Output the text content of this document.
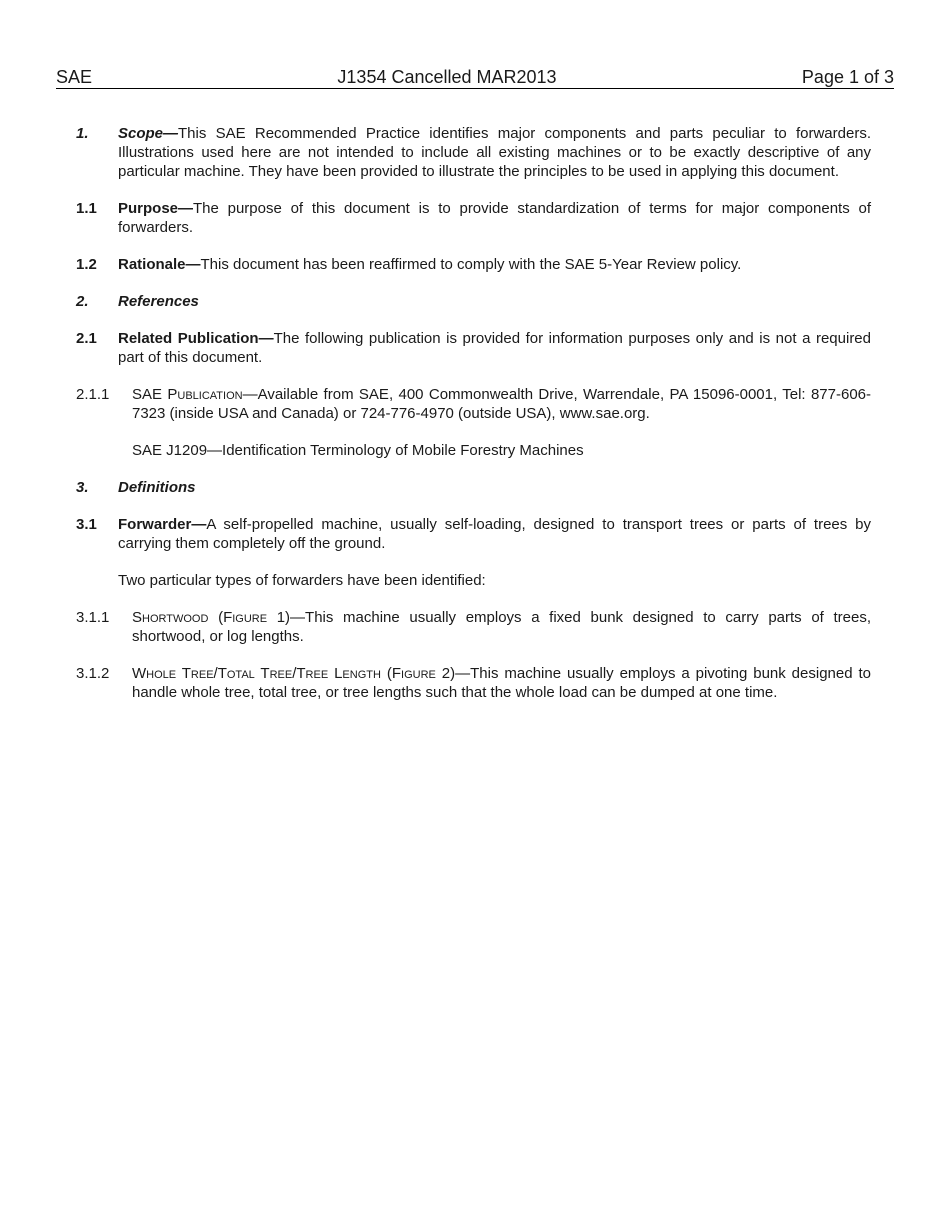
SAE	J1354 Cancelled MAR2013	Page 1 of 3
1. Scope—This SAE Recommended Practice identifies major components and parts peculiar to forwarders. Illustrations used here are not intended to include all existing machines or to be exactly descriptive of any particular machine. They have been provided to illustrate the principles to be used in applying this document.
1.1 Purpose—The purpose of this document is to provide standardization of terms for major components of forwarders.
1.2 Rationale—This document has been reaffirmed to comply with the SAE 5-Year Review policy.
2. References
2.1 Related Publication—The following publication is provided for information purposes only and is not a required part of this document.
2.1.1 SAE Publication—Available from SAE, 400 Commonwealth Drive, Warrendale, PA 15096-0001, Tel: 877-606-7323 (inside USA and Canada) or 724-776-4970 (outside USA), www.sae.org.
SAE J1209—Identification Terminology of Mobile Forestry Machines
3. Definitions
3.1 Forwarder—A self-propelled machine, usually self-loading, designed to transport trees or parts of trees by carrying them completely off the ground.
Two particular types of forwarders have been identified:
3.1.1 Shortwood (Figure 1)—This machine usually employs a fixed bunk designed to carry parts of trees, shortwood, or log lengths.
3.1.2 Whole Tree/Total Tree/Tree Length (Figure 2)—This machine usually employs a pivoting bunk designed to handle whole tree, total tree, or tree lengths such that the whole load can be dumped at one time.
